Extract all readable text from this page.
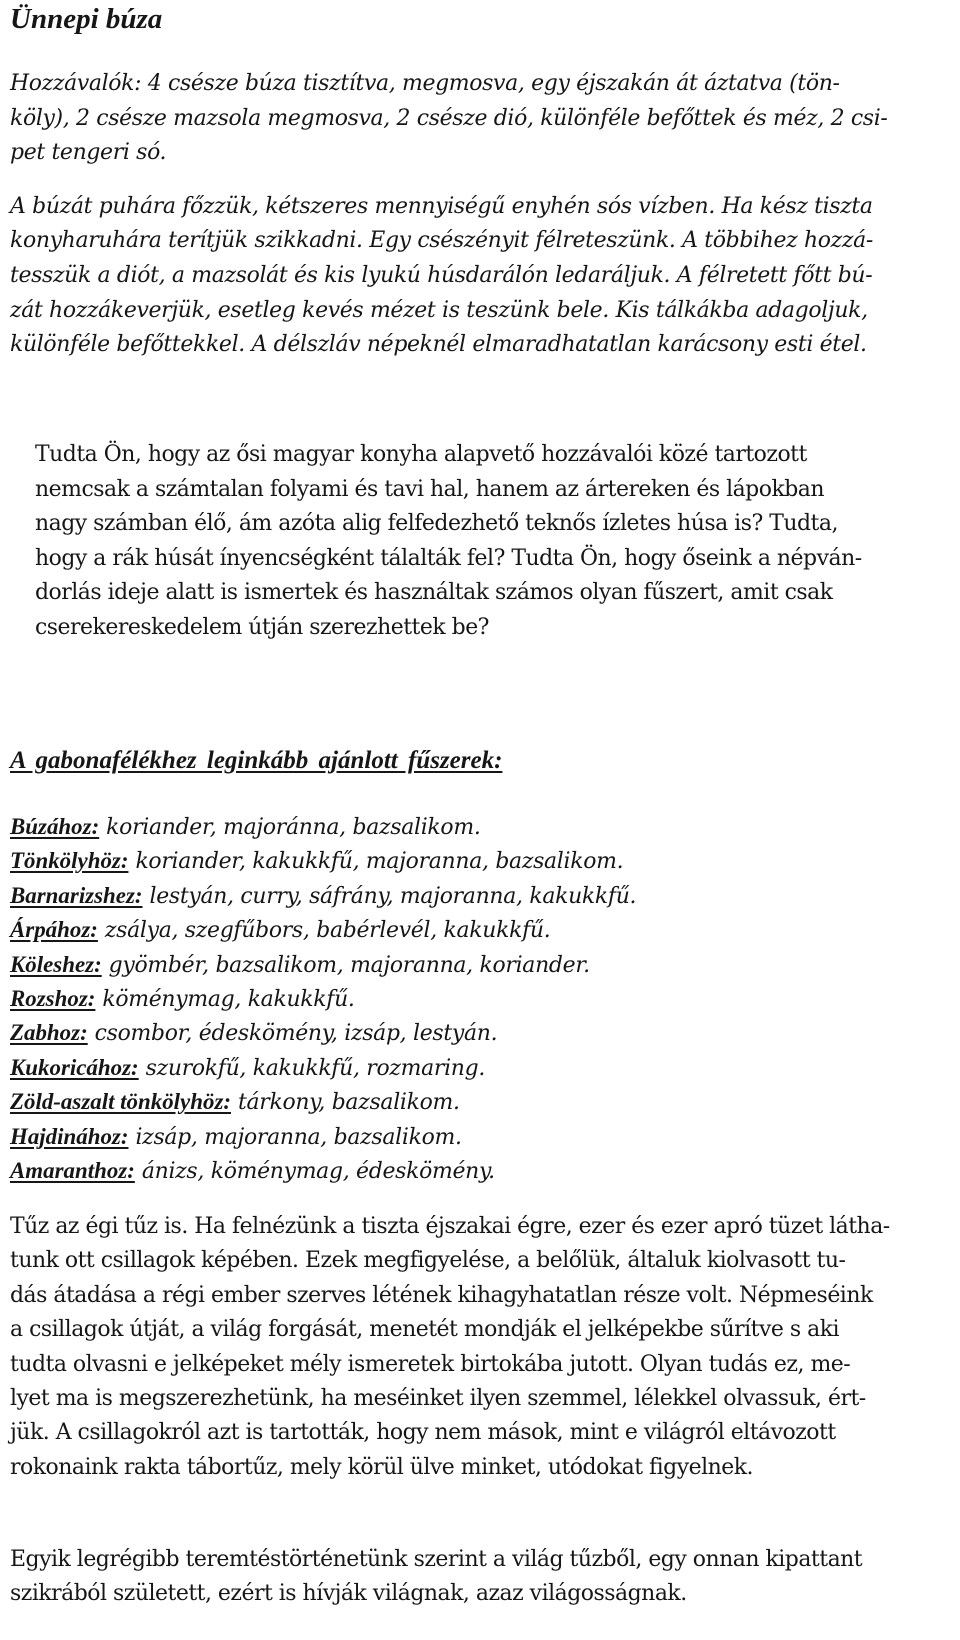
Ünnepi búza
Hozzávalók: 4 csésze búza tisztítva, megmosva, egy éjszakán át áztatva (tön-
köly), 2 csésze mazsola megmosva, 2 csésze dió, különféle befőttek és méz, 2 csi-
pet tengeri só.
A búzát puhára főzzük, kétszeres mennyiségű enyhén sós vízben. Ha kész tiszta
konyharuhára terítjük szikkadni. Egy csészényit félreteszünk. A többihez hozzá-
tesszük a diót, a mazsolát és kis lyukú húsdarálón ledaráljuk. A félretett főtt bú-
zát hozzákeverjük, esetleg kevés mézet is teszünk bele. Kis tálkákba adagoljuk,
különféle befőttekkel. A délszláv népeknél elmaradhatatlan karácsony esti étel.
Tudta Ön, hogy az ősi magyar konyha alapvető hozzávalói közé tartozott
nemcsak a számtalan folyami és tavi hal, hanem az ártereken és lápokban
nagy számban élő, ám azóta alig felfedezhető teknős ízletes húsa is? Tudta,
hogy a rák húsát ínyencségként tálalták fel? Tudta Ön, hogy őseink a népván-
dorlás ideje alatt is ismertek és használtak számos olyan fűszert, amit csak
cserekereskedelem útján szerezhettek be?
A gabonafélékhez leginkább ajánlott fűszerek:
Búzához: koriander, majoránna, bazsalikom.
Tönkölyhöz: koriander, kakukkfű, majoranna, bazsalikom.
Barnarizshez: lestyán, curry, sáfrány, majoranna, kakukkfű.
Árpához: zsálya, szegfűbors, babérlevél, kakukkfű.
Köleshez: gyömbér, bazsalikom, majoranna, koriander.
Rozshoz: köménymag, kakukkfű.
Zabhoz: csombor, édeskömény, izsáp, lestyán.
Kukoricához: szurokfű, kakukkfű, rozmaring.
Zöld-aszalt tönkölyhöz: tárkony, bazsalikom.
Hajdinához: izsáp, majoranna, bazsalikom.
Amaranthoz: ánizs, köménymag, édeskömény.
Tűz az égi tűz is. Ha felnézünk a tiszta éjszakai égre, ezer és ezer apró tüzet látha-
tunk ott csillagok képében. Ezek megfigyelése, a belőlük, általuk kiolvasott tu-
dás átadása a régi ember szerves létének kihagyhatatlan része volt. Népmeséink
a csillagok útját, a világ forgását, menetét mondják el jelképekbe sűrítve s aki
tudta olvasni e jelképeket mély ismeretek birtokába jutott. Olyan tudás ez, me-
lyet ma is megszerezhetünk, ha meséinket ilyen szemmel, lélekkel olvassuk, ért-
jük. A csillagokról azt is tartották, hogy nem mások, mint e világról eltávozott
rokonaink rakta tábortűz, mely körül ülve minket, utódokat figyelnek.
Egyik legrégibb teremtéstörténetünk szerint a világ tűzből, egy onnan kipattant
szikrából született, ezért is hívják világnak, azaz világosságnak.
